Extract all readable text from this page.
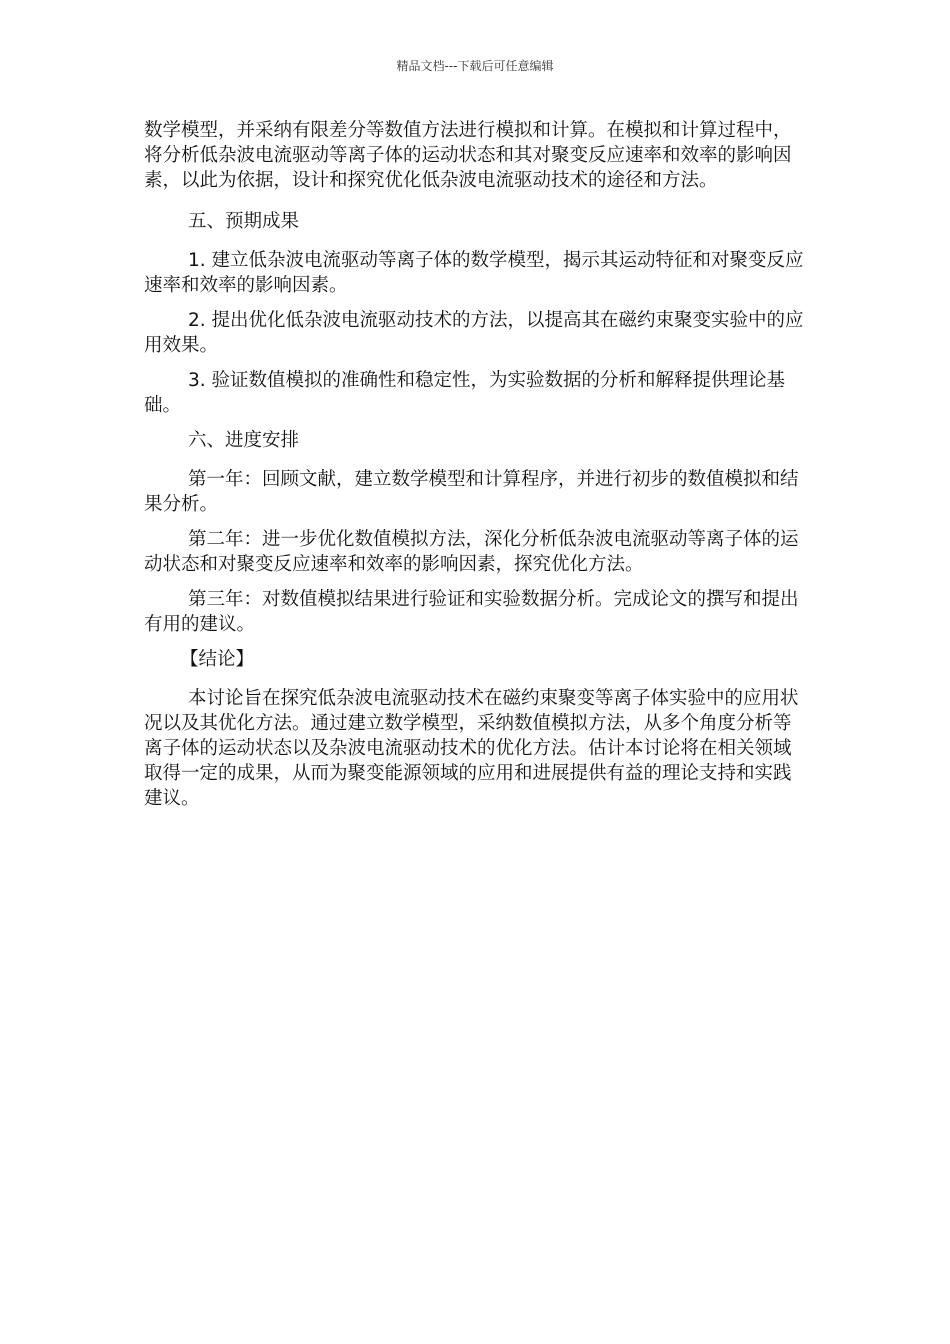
精品文档---下载后可任意编辑

数学模型，并采纳有限差分等数值方法进行模拟和计算。在模拟和计算过程中，将分析低杂波电流驱动等离子体的运动状态和其对聚变反应速率和效率的影响因素，以此为依据，设计和探究优化低杂波电流驱动技术的途径和方法。

五、预期成果

1. 建立低杂波电流驱动等离子体的数学模型，揭示其运动特征和对聚变反应速率和效率的影响因素。

2. 提出优化低杂波电流驱动技术的方法，以提高其在磁约束聚变实验中的应用效果。

3. 验证数值模拟的准确性和稳定性，为实验数据的分析和解释提供理论基础。

六、进度安排

第一年：回顾文献，建立数学模型和计算程序，并进行初步的数值模拟和结果分析。

第二年：进一步优化数值模拟方法，深化分析低杂波电流驱动等离子体的运动状态和对聚变反应速率和效率的影响因素，探究优化方法。

第三年：对数值模拟结果进行验证和实验数据分析。完成论文的撰写和提出有用的建议。

【结论】

本讨论旨在探究低杂波电流驱动技术在磁约束聚变等离子体实验中的应用状况以及其优化方法。通过建立数学模型，采纳数值模拟方法，从多个角度分析等离子体的运动状态以及杂波电流驱动技术的优化方法。估计本讨论将在相关领域取得一定的成果，从而为聚变能源领域的应用和进展提供有益的理论支持和实践建议。
